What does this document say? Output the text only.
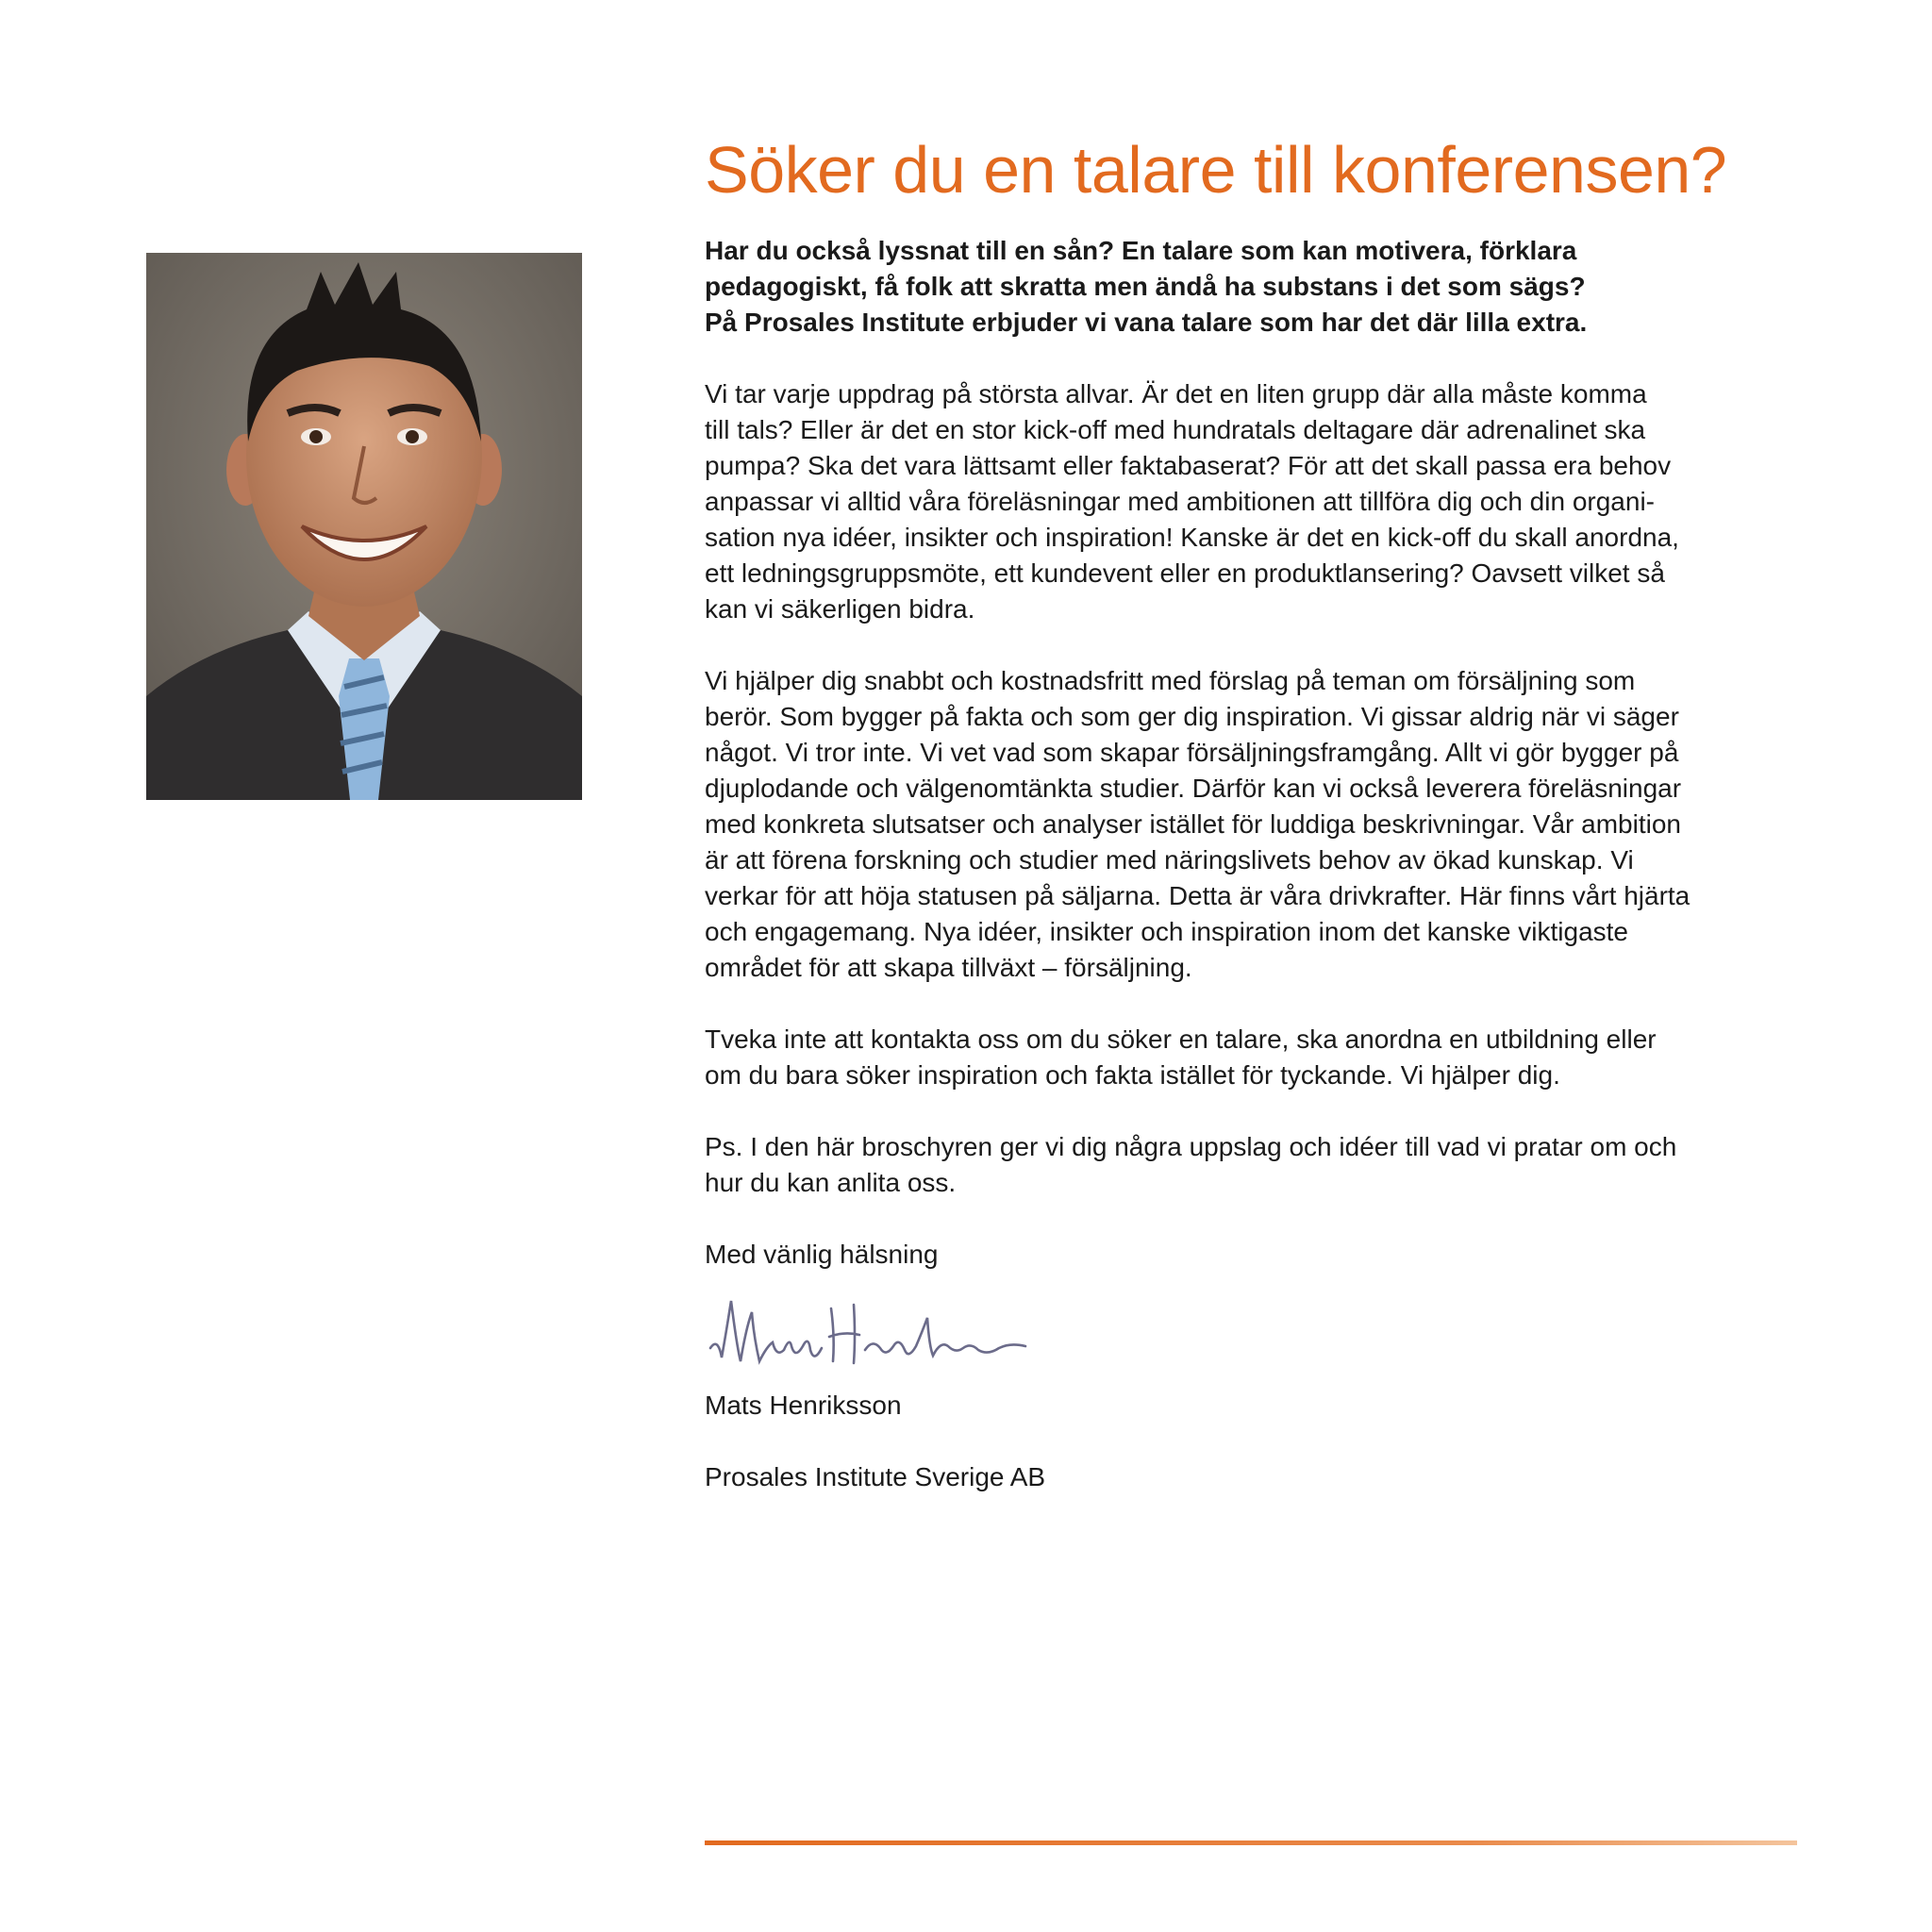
Söker du en talare till konferensen?

Har du också lyssnat till en sån? En talare som kan motivera, förklara
pedagogiskt, få folk att skratta men ändå ha substans i det som sägs?
På Prosales Institute erbjuder vi vana talare som har det där lilla extra.

Vi tar varje uppdrag på största allvar. Är det en liten grupp där alla måste komma
till tals? Eller är det en stor kick-off med hundratals deltagare där adrenalinet ska
pumpa? Ska det vara lättsamt eller faktabaserat? För att det skall passa era behov
anpassar vi alltid våra föreläsningar med ambitionen att tillföra dig och din organi-
sation nya idéer, insikter och inspiration! Kanske är det en kick-off du skall anordna,
ett ledningsgruppsmöte, ett kundevent eller en produktlansering? Oavsett vilket så
kan vi säkerligen bidra.

Vi hjälper dig snabbt och kostnadsfritt med förslag på teman om försäljning som
berör. Som bygger på fakta och som ger dig inspiration. Vi gissar aldrig när vi säger
något. Vi tror inte. Vi vet vad som skapar försäljningsframgång. Allt vi gör bygger på
djuplodande och välgenomtänkta studier. Därför kan vi också leverera föreläsningar
med konkreta slutsatser och analyser istället för luddiga beskrivningar. Vår ambition
är att förena forskning och studier med näringslivets behov av ökad kunskap. Vi
verkar för att höja statusen på säljarna. Detta är våra drivkrafter. Här finns vårt hjärta
och engagemang. Nya idéer, insikter och inspiration inom det kanske viktigaste
området för att skapa tillväxt – försäljning.

Tveka inte att kontakta oss om du söker en talare, ska anordna en utbildning eller
om du bara söker inspiration och fakta istället för tyckande. Vi hjälper dig.

Ps. I den här broschyren ger vi dig några uppslag och idéer till vad vi pratar om och
hur du kan anlita oss.

Med vänlig hälsning

Mats Henriksson

Prosales Institute Sverige AB
